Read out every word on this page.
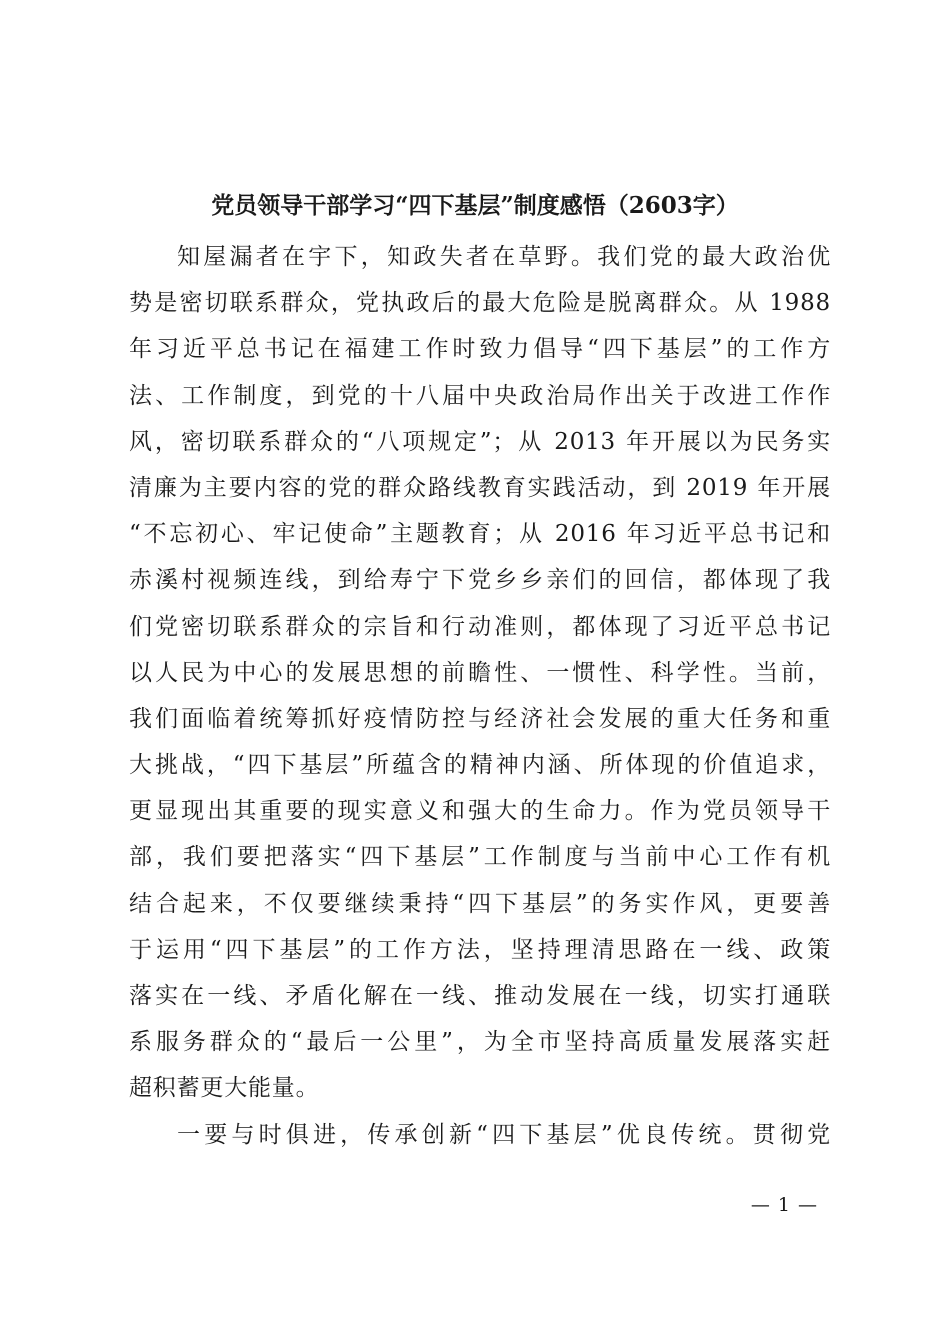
党员领导干部学习“四下基层”制度感悟（2603字）
知屋漏者在宇下，知政失者在草野。我们党的最大政治优
势是密切联系群众，党执政后的最大危险是脱离群众。从 1988
年习近平总书记在福建工作时致力倡导“四下基层”的工作方
法、工作制度，到党的十八届中央政治局作出关于改进工作作
风，密切联系群众的“八项规定”；从 2013 年开展以为民务实
清廉为主要内容的党的群众路线教育实践活动，到 2019 年开展
“不忘初心、牢记使命”主题教育；从 2016 年习近平总书记和
赤溪村视频连线，到给寿宁下党乡乡亲们的回信，都体现了我
们党密切联系群众的宗旨和行动准则，都体现了习近平总书记
以人民为中心的发展思想的前瞻性、一惯性、科学性。当前，
我们面临着统筹抓好疫情防控与经济社会发展的重大任务和重
大挑战，“四下基层”所蕴含的精神内涵、所体现的价值追求，
更显现出其重要的现实意义和强大的生命力。作为党员领导干
部，我们要把落实“四下基层”工作制度与当前中心工作有机
结合起来，不仅要继续秉持“四下基层”的务实作风，更要善
于运用“四下基层”的工作方法，坚持理清思路在一线、政策
落实在一线、矛盾化解在一线、推动发展在一线，切实打通联
系服务群众的“最后一公里”，为全市坚持高质量发展落实赶
超积蓄更大能量。
一要与时俱进，传承创新“四下基层”优良传统。贯彻党
— 1 —
